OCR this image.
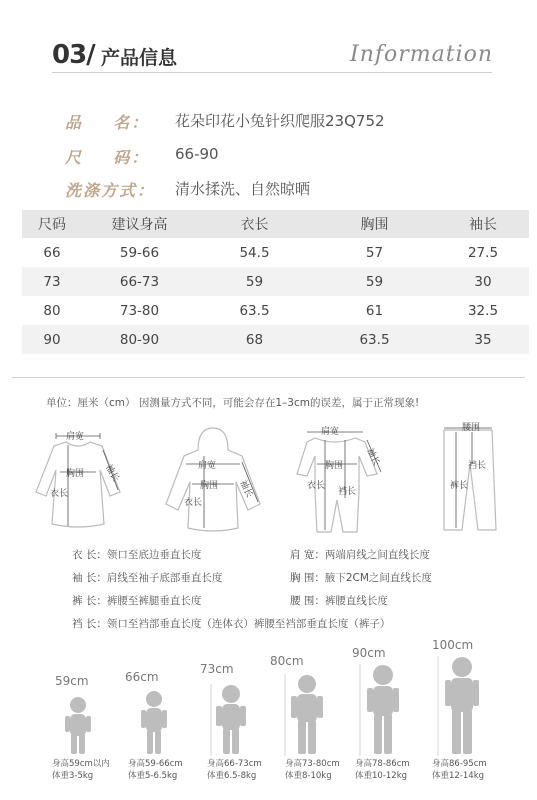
03/ 产品信息	Information
品    名： 花朵印花小兔针织爬服23Q752
尺    码： 66-90
洗涤方式： 清水揉洗、自然晾晒
尺码	建议身高	衣长	胸围	袖长
66	59-66	54.5	57	27.5
73	66-73	59	59	30
80	73-80	63.5	61	32.5
90	80-90	68	63.5	35
单位：厘米（cm） 因测量方式不同，可能会存在1–3cm的误差，属于正常现象!
肩宽
胸围
衣长
袖长	肩宽
胸围
衣长
袖长
肩宽
胸围
衣长
裆长
袖长
腰围
裆长
裤长
衣 长：领口至底边垂直长度	肩 宽：两端肩线之间直线长度
袖 长：肩线至袖子底部垂直长度	胸 围：腋下2CM之间直线长度
裤 长：裤腰至裤腿垂直长度	腰 围：裤腰直线长度
裆 长：领口至裆部垂直长度（连体衣）裤腰至裆部垂直长度（裤子）
59cm
身高59cm以内
体重3-5kg
66cm
身高59-66cm
体重5-6.5kg
73cm
身高66-73cm
体重6.5-8kg
80cm
身高73-80cm
体重8-10kg
90cm
身高78-86cm
体重10-12kg
100cm
身高86-95cm
体重12-14kg
